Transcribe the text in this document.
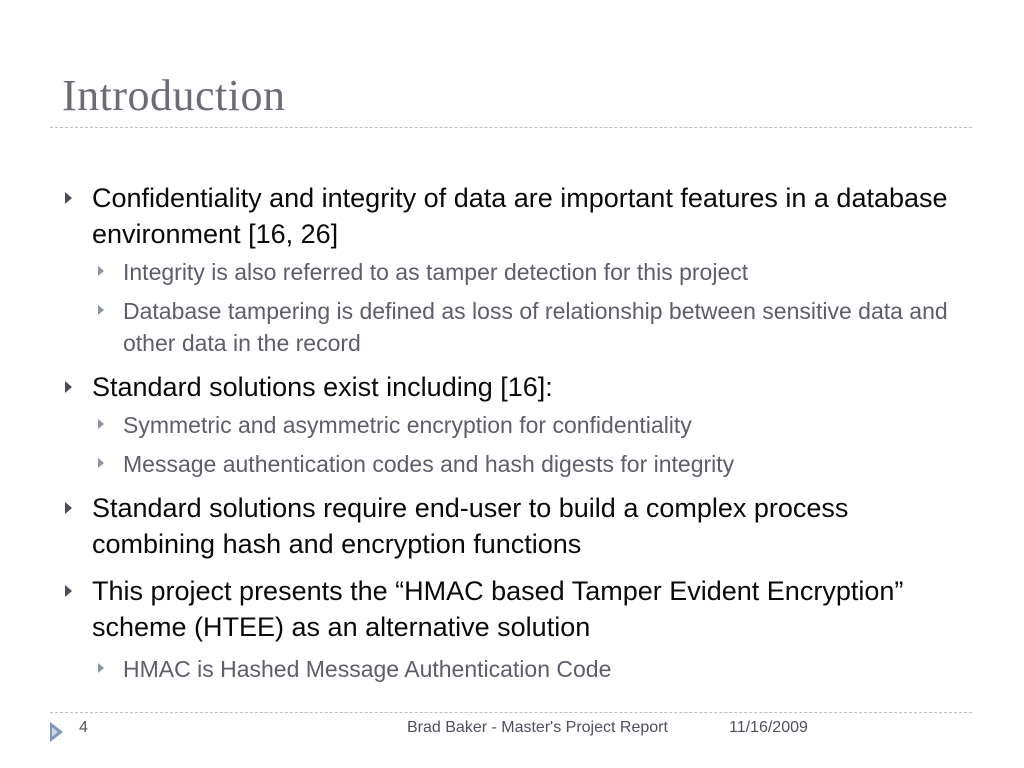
Introduction
Confidentiality and integrity of data are important features in a database environment [16, 26]
Integrity is also referred to as tamper detection for this project
Database tampering is defined as loss of relationship between sensitive data and other data in the record
Standard solutions exist including [16]:
Symmetric and asymmetric encryption for confidentiality
Message authentication codes and hash digests for integrity
Standard solutions require end-user to build a complex process combining hash and encryption functions
This project presents the “HMAC based Tamper Evident Encryption” scheme (HTEE) as an alternative solution
HMAC is Hashed Message Authentication Code
4	Brad Baker - Master's Project Report	11/16/2009
